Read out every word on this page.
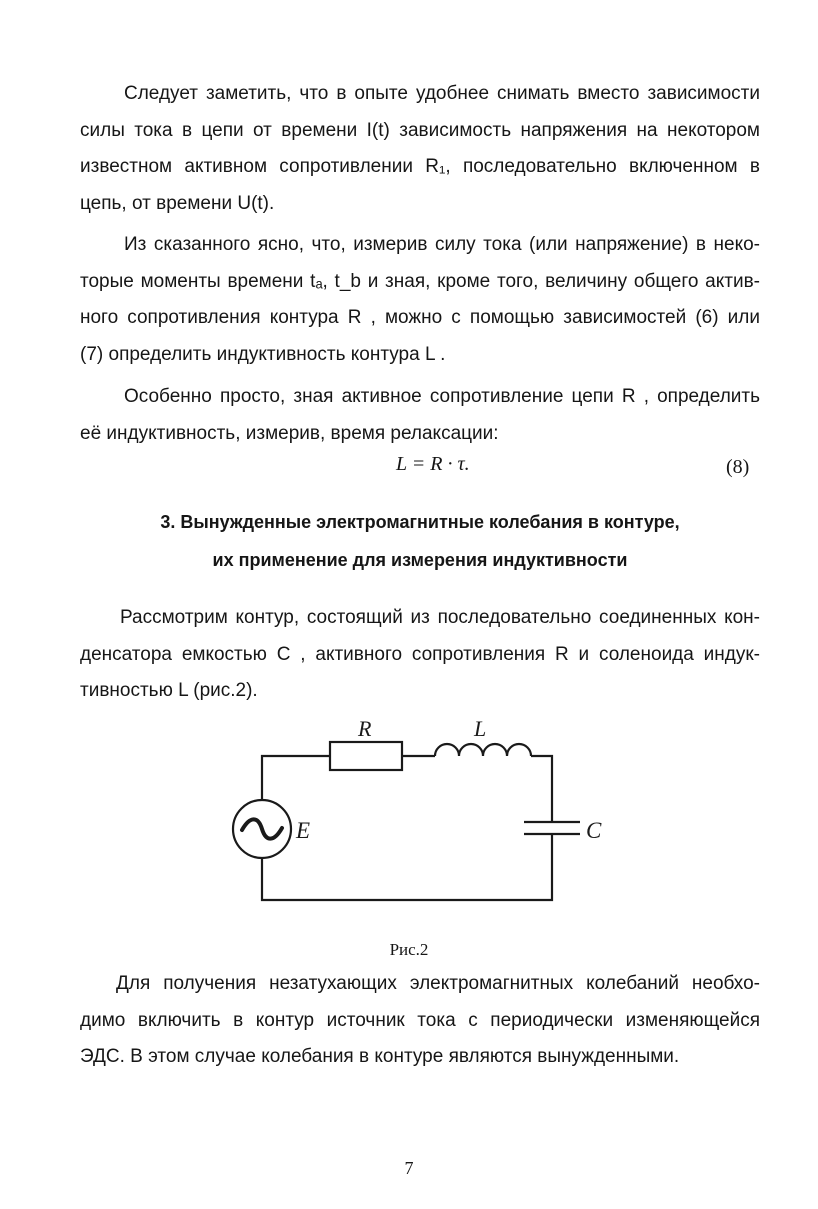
Следует заметить, что в опыте удобнее снимать вместо зависимости
силы тока в цепи от времени I(t) зависимость напряжения на некотором
известном активном сопротивлении R₁, последовательно включенном в
цепь, от времени U(t).
Из сказанного ясно, что, измерив силу тока (или напряжение) в неко-
торые моменты времени tₐ, t_b и зная, кроме того, величину общего актив-
ного сопротивления контура R , можно с помощью зависимостей (6) или
(7) определить индуктивность контура L .
Особенно просто, зная активное сопротивление цепи R , определить
её индуктивность, измерив, время релаксации:
L = R · τ.	(8)
3. Вынужденные электромагнитные колебания в контуре,
их применение для измерения индуктивности
Рассмотрим контур, состоящий из последовательно соединенных кон-
денсатора емкостью C , активного сопротивления R и соленоида индук-
тивностью L (рис.2).
R	L
C
E
Рис.2
Для получения незатухающих электромагнитных колебаний необхо-
димо включить в контур источник тока с периодически изменяющейся
ЭДС. В этом случае колебания в контуре являются вынужденными.
7
